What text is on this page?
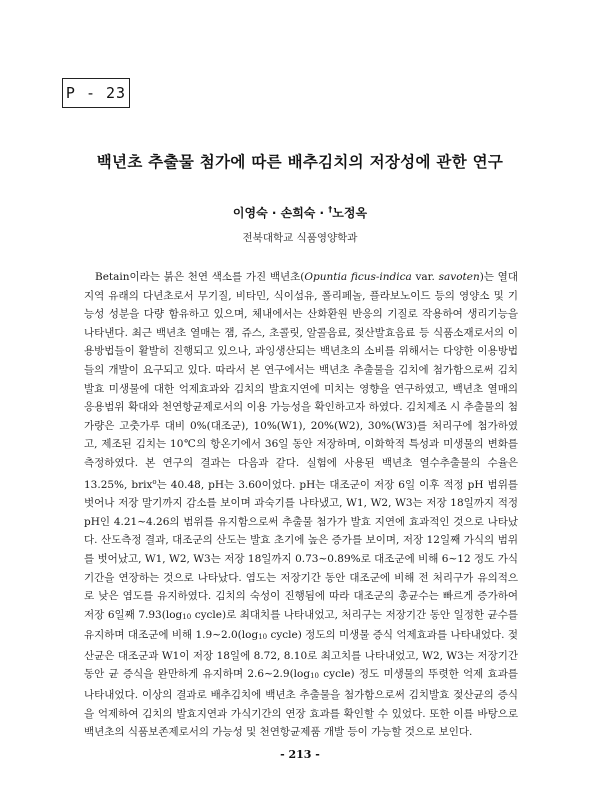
P - 23
백년초 추출물 첨가에 따른 배추김치의 저장성에 관한 연구
이영숙 · 손희숙 · †노정옥
전북대학교 식품영양학과

Betain이라는 붉은 천연 색소를 가진 백년초(Opuntia ficus-indica var. savoten)는 열대지역 유래의 다년초로서 무기질, 비타민, 식이섬유, 폴리페놀, 플라보노이드 등의 영양소 및 기능성 성분을 다량 함유하고 있으며, 체내에서는 산화환원 반응의 기질로 작용하여 생리기능을 나타낸다. 최근 백년초 열매는 잼, 쥬스, 초콜릿, 알콜음료, 젖산발효음료 등 식품소재로서의 이용방법들이 활발히 진행되고 있으나, 과잉생산되는 백년초의 소비를 위해서는 다양한 이용방법들의 개발이 요구되고 있다. 따라서 본 연구에서는 백년초 추출물을 김치에 첨가함으로써 김치발효 미생물에 대한 억제효과와 김치의 발효지연에 미치는 영향을 연구하였고, 백년초 열매의 응용범위 확대와 천연항균제로서의 이용 가능성을 확인하고자 하였다. 김치제조 시 추출물의 첨가량은 고춧가루 대비 0%(대조군), 10%(W1), 20%(W2), 30%(W3)를 처리구에 첨가하였고, 제조된 김치는 10℃의 항온기에서 36일 동안 저장하며, 이화학적 특성과 미생물의 변화를 측정하였다. 본 연구의 결과는 다음과 같다. 실험에 사용된 백년초 열수추출물의 수율은 13.25%, brix$^o$는 40.48, pH는 3.60이었다. pH는 대조군이 저장 6일 이후 적정 pH 범위를 벗어나 저장 말기까지 감소를 보이며 과숙기를 나타냈고, W1, W2, W3는 저장 18일까지 적정 pH인 4.21∼4.26의 범위를 유지함으로써 추출물 첨가가 발효 지연에 효과적인 것으로 나타났다. 산도측정 결과, 대조군의 산도는 발효 초기에 높은 증가를 보이며, 저장 12일째 가식의 범위를 벗어났고, W1, W2, W3는 저장 18일까지 0.73∼0.89%로 대조군에 비해 6∼12 정도 가식기간을 연장하는 것으로 나타났다. 염도는 저장기간 동안 대조군에 비해 전 처리구가 유의적으로 낮은 염도를 유지하였다. 김치의 숙성이 진행됨에 따라 대조군의 총균수는 빠르게 증가하여 저장 6일째 $7.93(\log_{10}$ cycle)로 최대치를 나타내었고, 처리구는 저장기간 동안 일정한 균수를 유지하며 대조군에 비해 $1.9\sim 2.0(\log_{10}$ cycle) 정도의 미생물 증식 억제효과를 나타내었다. 젖산균은 대조군과 W1이 저장 18일에 8.72, 8.10로 최고치를 나타내었고, W2, W3는 저장기간 동안 균 증식을 완만하게 유지하며 $2.6\sim 2.9(\log_{10}$ cycle) 정도 미생물의 뚜렷한 억제 효과를 나타내었다. 이상의 결과로 배추김치에 백년초 추출물을 첨가함으로써 김치발효 젖산균의 증식을 억제하여 김치의 발효지연과 가식기간의 연장 효과를 확인할 수 있었다. 또한 이를 바탕으로 백년초의 식품보존제로서의 가능성 및 천연항균제품 개발 등이 가능할 것으로 보인다.

- 213 -
